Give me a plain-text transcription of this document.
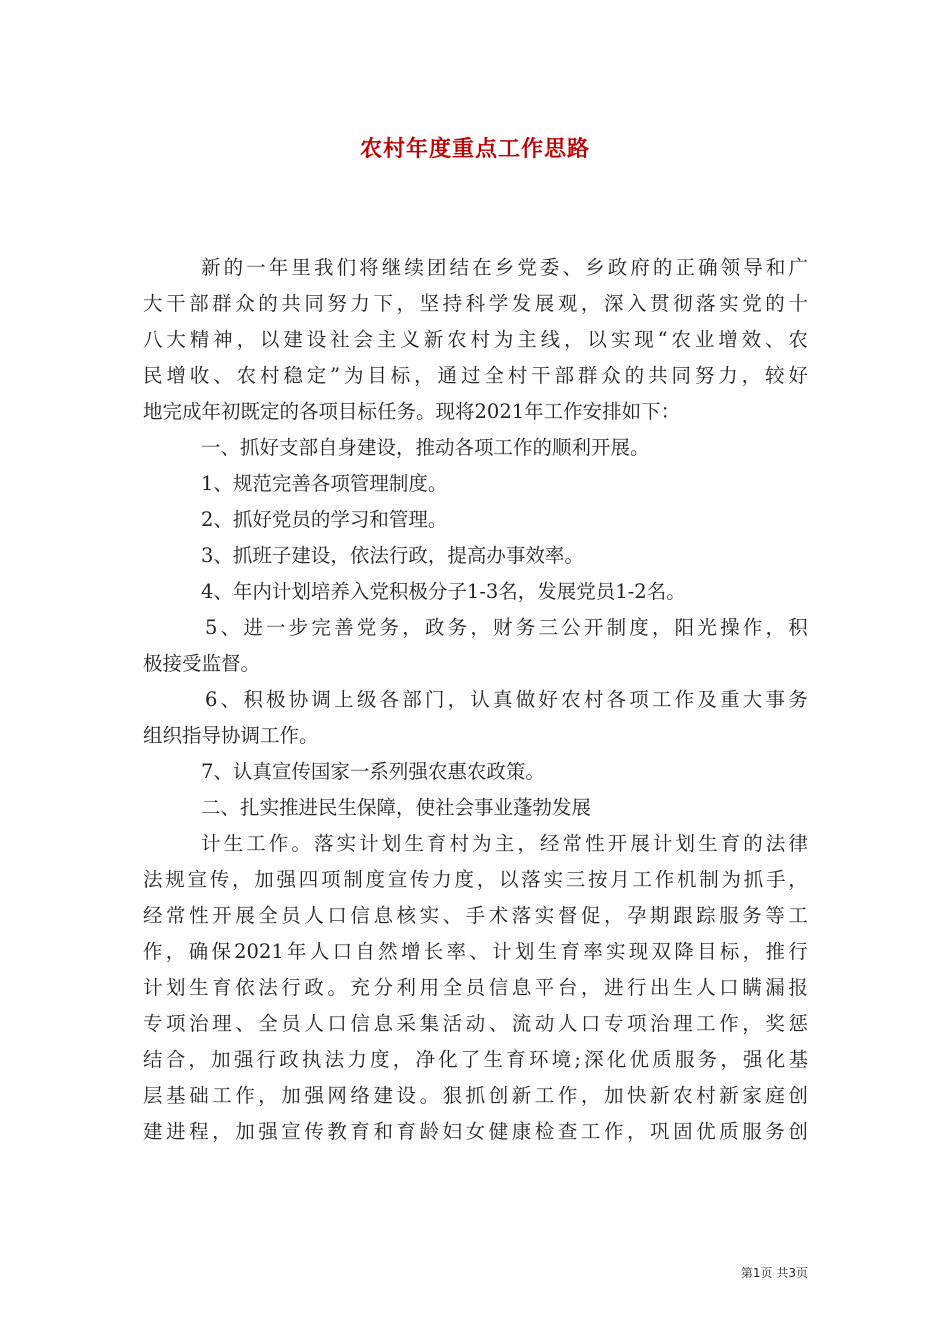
农村年度重点工作思路
新 的 一 年 里 我 们 将 继 续 团 结 在 乡 党 委 、 乡 政 府 的 正 确 领 导 和 广
大 干 部 群 众 的 共 同 努 力 下 ， 坚 持 科 学 发 展 观 ， 深 入 贯 彻 落 实 党 的 十
八 大 精 神 ， 以 建 设 社 会 主 义 新 农 村 为 主 线 ， 以 实 现 “ 农 业 增 效 、 农
民 增 收 、 农 村 稳 定 ” 为 目 标 ， 通 过 全 村 干 部 群 众 的 共 同 努 力 ， 较 好
地完成年初既定的各项目标任务。现将2021年工作安排如下：
一、抓好支部自身建设，推动各项工作的顺利开展。
1、规范完善各项管理制度。
2、抓好党员的学习和管理。
3、抓班子建设，依法行政，提高办事效率。
4、年内计划培养入党积极分子1-3名，发展党员1-2名。
5 、 进 一 步 完 善 党 务 ， 政 务 ， 财 务 三 公 开 制 度 ， 阳 光 操 作 ， 积
极接受监督。
6 、 积 极 协 调 上 级 各 部 门 ， 认 真 做 好 农 村 各 项 工 作 及 重 大 事 务
组织指导协调工作。
7、认真宣传国家一系列强农惠农政策。
二、扎实推进民生保障，使社会事业蓬勃发展
计 生 工 作 。 落 实 计 划 生 育 村 为 主 ， 经 常 性 开 展 计 划 生 育 的 法 律
法 规 宣 传 ， 加 强 四 项 制 度 宣 传 力 度 ， 以 落 实 三 按 月 工 作 机 制 为 抓 手 ，
经 常 性 开 展 全 员 人 口 信 息 核 实 、 手 术 落 实 督 促 ， 孕 期 跟 踪 服 务 等 工
作 ， 确 保 2021 年 人 口 自 然 增 长 率 、 计 划 生 育 率 实 现 双 降 目 标 ， 推 行
计 划 生 育 依 法 行 政 。 充 分 利 用 全 员 信 息 平 台 ， 进 行 出 生 人 口 瞒 漏 报
专 项 治 理 、 全 员 人 口 信 息 采 集 活 动 、 流 动 人 口 专 项 治 理 工 作 ， 奖 惩
结 合 ， 加 强 行 政 执 法 力 度 ， 净 化 了 生 育 环 境 ; 深 化 优 质 服 务 ， 强 化 基
层 基 础 工 作 ， 加 强 网 络 建 设 。 狠 抓 创 新 工 作 ， 加 快 新 农 村 新 家 庭 创
建 进 程 ， 加 强 宣 传 教 育 和 育 龄 妇 女 健 康 检 查 工 作 ， 巩 固 优 质 服 务 创
第1页 共3页
